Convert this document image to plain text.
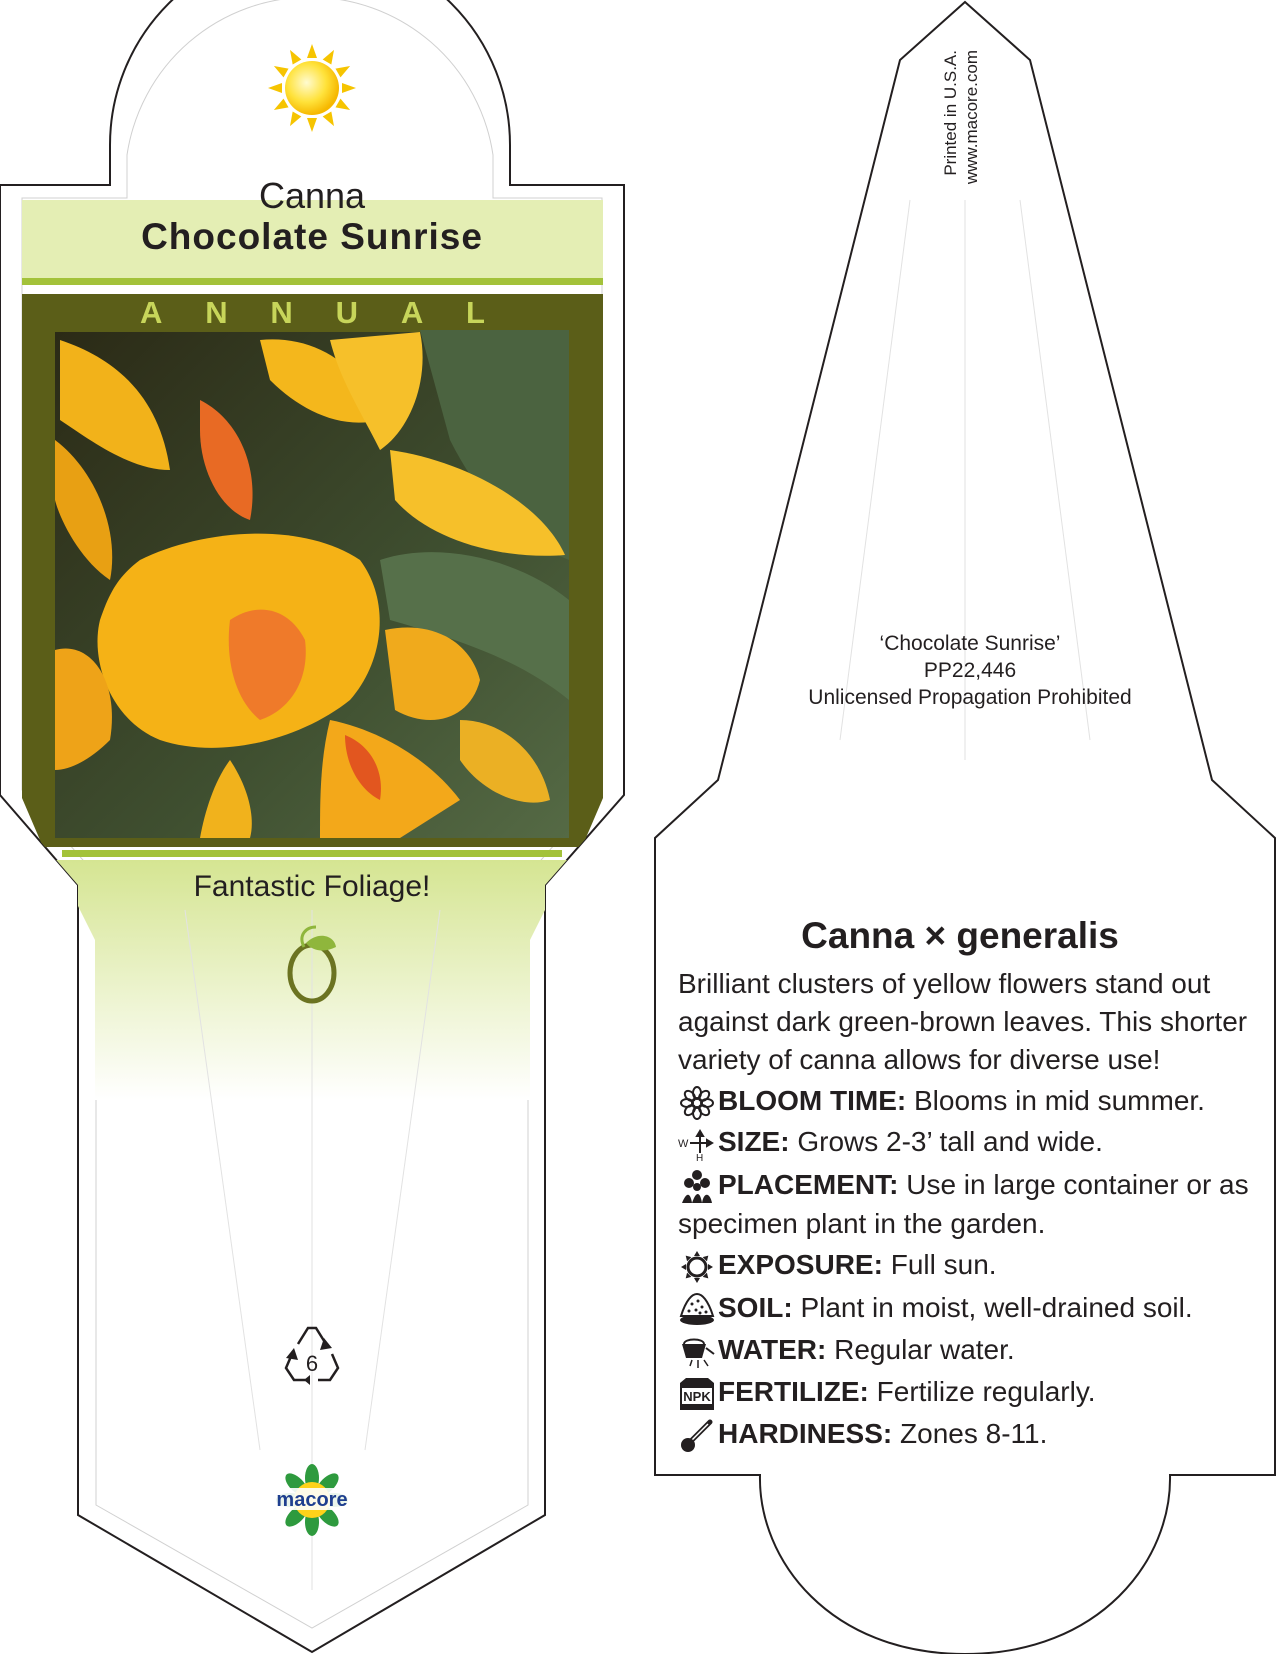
6
macore
Canna
Chocolate Sunrise
A N N U A L
Fantastic Foliage!
Printed in U.S.A. www.macore.com
‘Chocolate Sunrise’
PP22,446
Unlicensed Propagation Prohibited
Canna × generalis
Brilliant clusters of yellow flowers stand out against dark green-brown leaves. This shorter variety of canna allows for diverse use!
BLOOM TIME: Blooms in mid summer.
W
H
SIZE: Grows 2-3’ tall and wide.
PLACEMENT: Use in large container or as specimen plant in the garden.
EXPOSURE: Full sun.
SOIL: Plant in moist, well-drained soil.
WATER: Regular water.
NPK FERTILIZE: Fertilize regularly.
HARDINESS: Zones 8-11.
